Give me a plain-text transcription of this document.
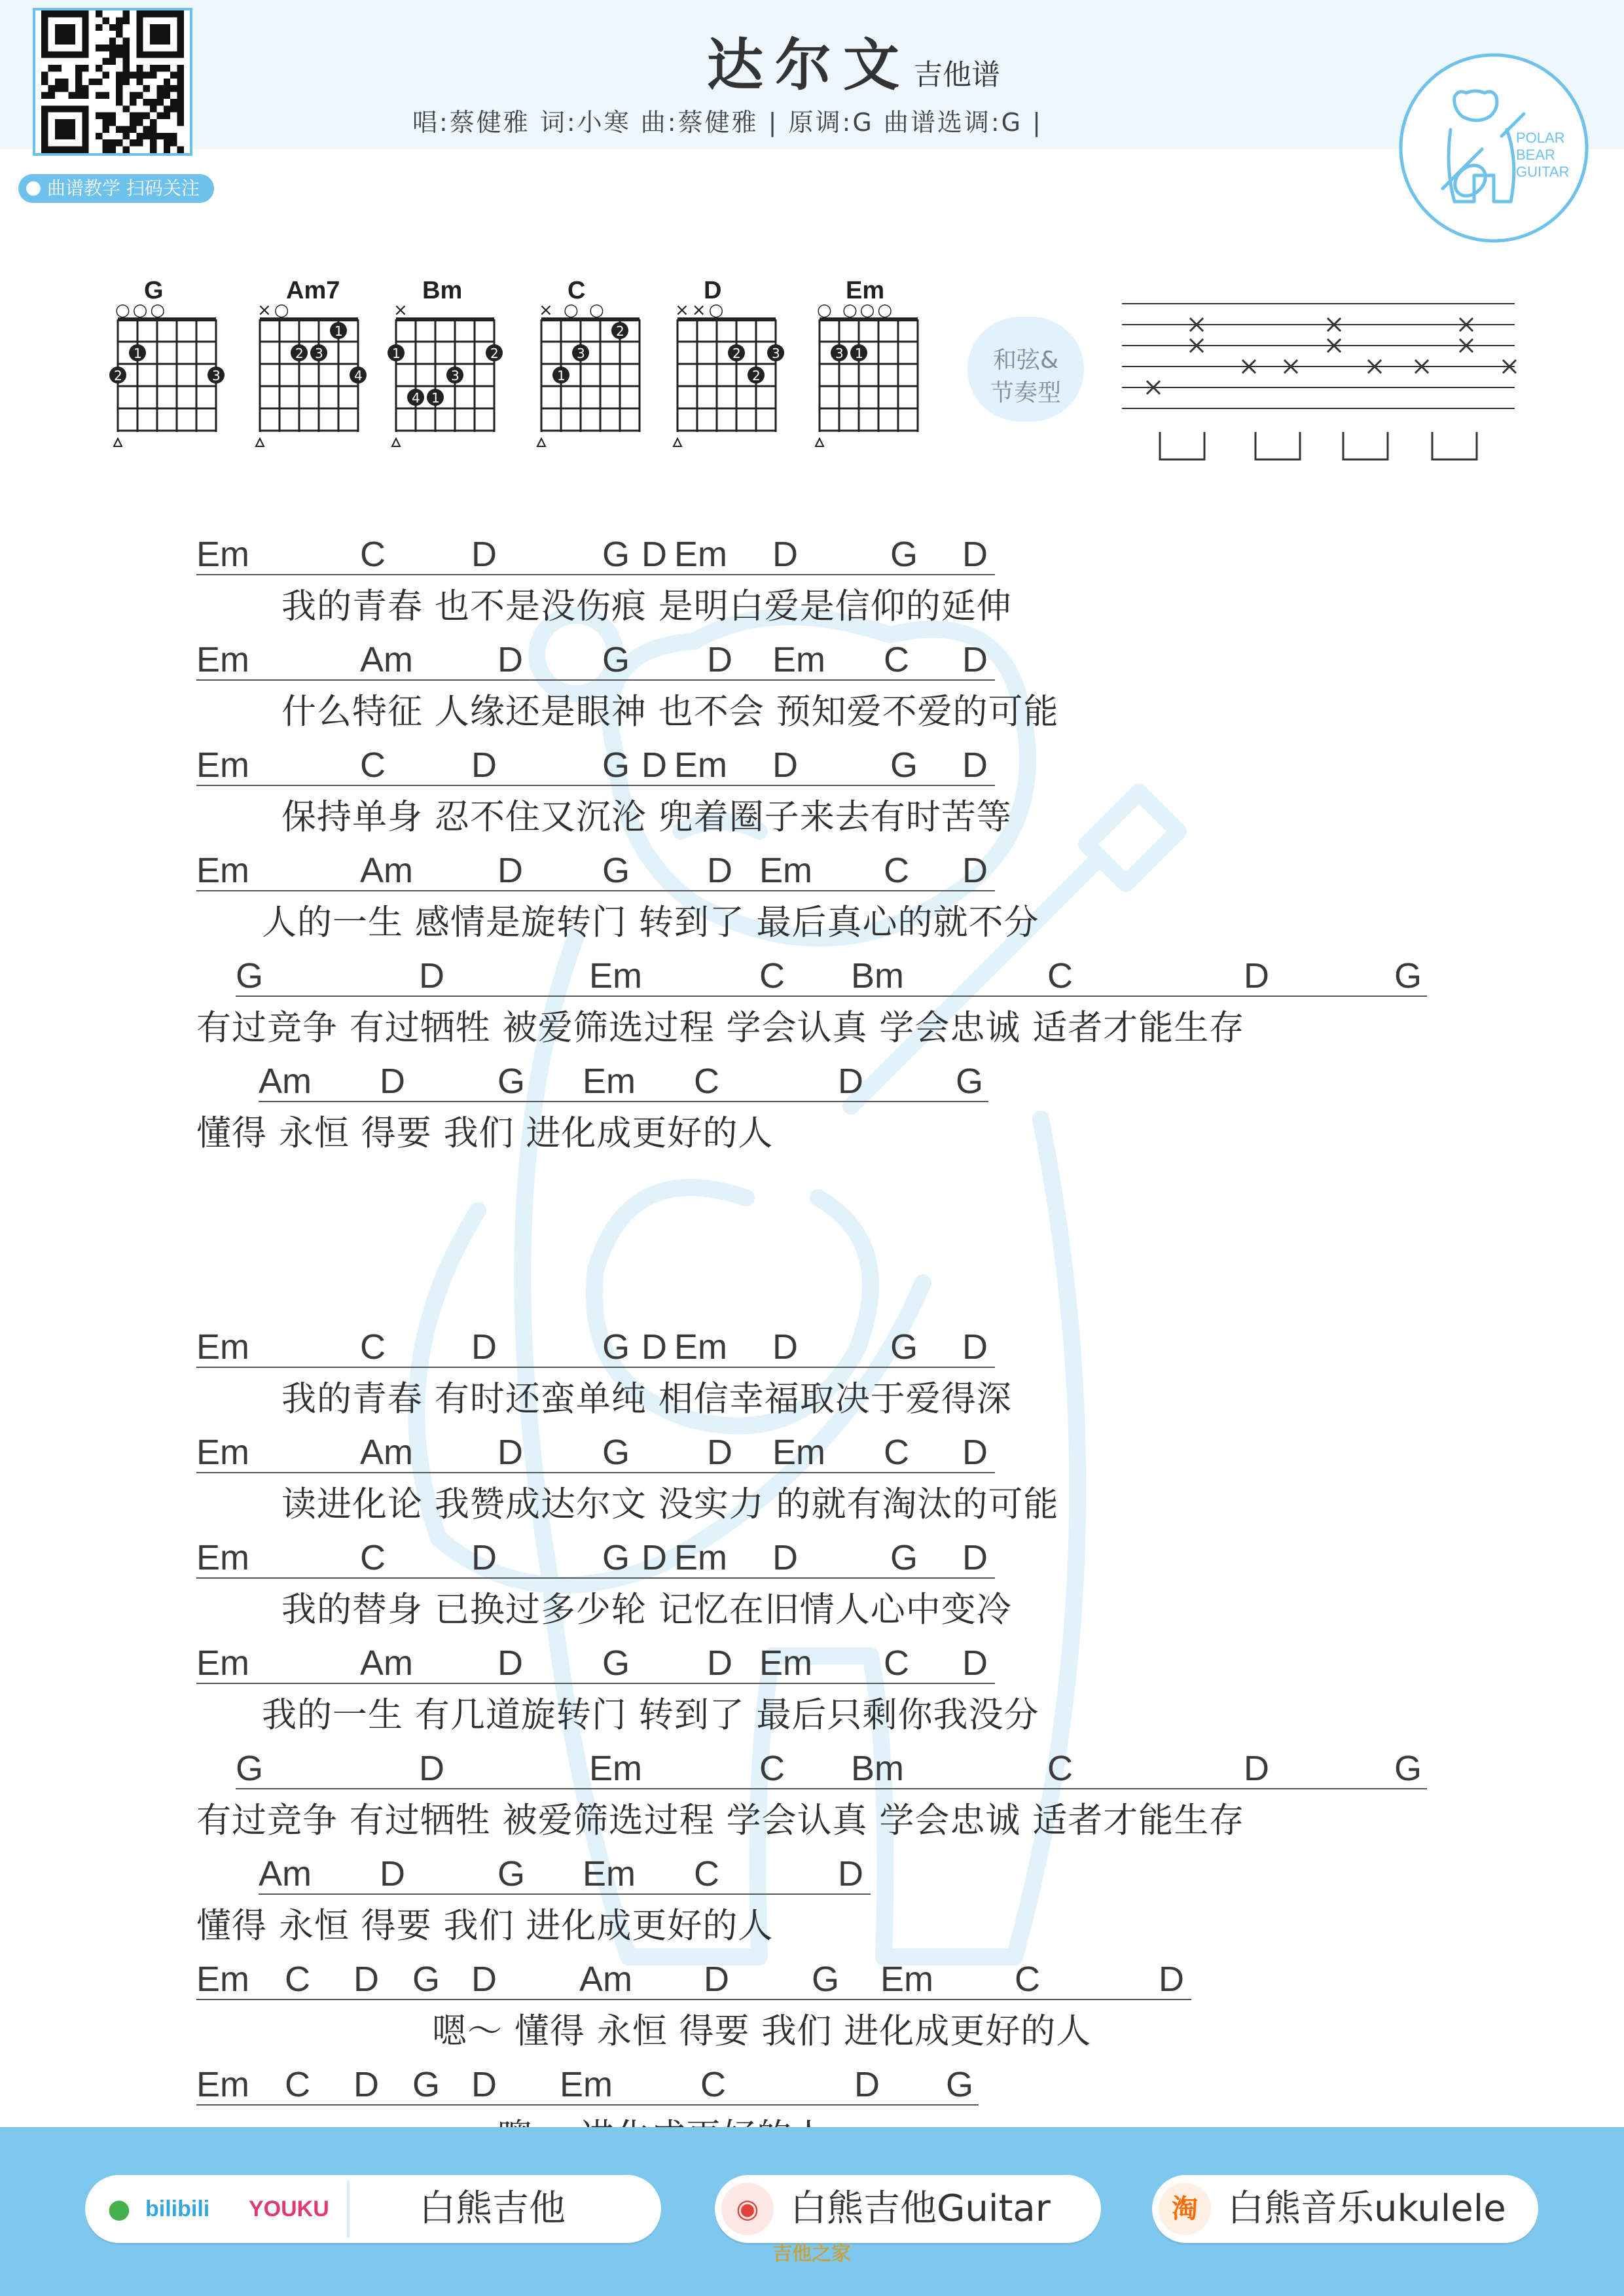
曲谱教学 扫码关注
达尔文吉他谱
唱:蔡健雅 词:小寒 曲:蔡健雅 | 原调:G 曲谱选调:G |
POLAR
BEAR
GUITAR
G
○○○
1
2	3
Am7
×○
1
2 3
4
Bm
×
1	2
3
4 1
C
× ○ ○
2
3
1
D
××○
2 3
2
Em
○ ○○○
3 1	和弦&
节奏型
Em	C D	G D Em D	G D
我的青春 也不是没伤痕 是明白爱是信仰的延伸
Em	Am D G D Em C D
什么特征 人缘还是眼神 也不会 预知爱不爱的可能
Em	C D	G D Em D	G D
保持单身 忍不住又沉沦 兜着圈子来去有时苦等
Em	Am D G D Em C D
人的一生 感情是旋转门 转到了 最后真心的就不分
G	D	Em	C Bm	C	D	G
有过竞争 有过牺牲 被爱筛选过程 学会认真 学会忠诚 适者才能生存
Am D	G Em C	D	G
懂得 永恒 得要 我们 进化成更好的人
Em	C D	G D Em D	G D
我的青春 有时还蛮单纯 相信幸福取决于爱得深
Em	Am D G D Em C D
读进化论 我赞成达尔文 没实力 的就有淘汰的可能
Em	C D	G D Em D	G D
我的替身 已换过多少轮 记忆在旧情人心中变冷
Em	Am D G D Em C D
我的一生 有几道旋转门 转到了 最后只剩你我没分
G	D	Em	C Bm	C	D	G
有过竞争 有过牺牲 被爱筛选过程 学会认真 学会忠诚 适者才能生存
Am D	G Em C	D
懂得 永恒 得要 我们 进化成更好的人
Em C D G D Am D G Em C	D
嗯～ 懂得 永恒 得要 我们 进化成更好的人
Em C D G D Em C	D G
● bilibili YOUKU 白熊吉他	◉ 白熊吉他Guitar	淘 白熊音乐ukulele
吉他之家
